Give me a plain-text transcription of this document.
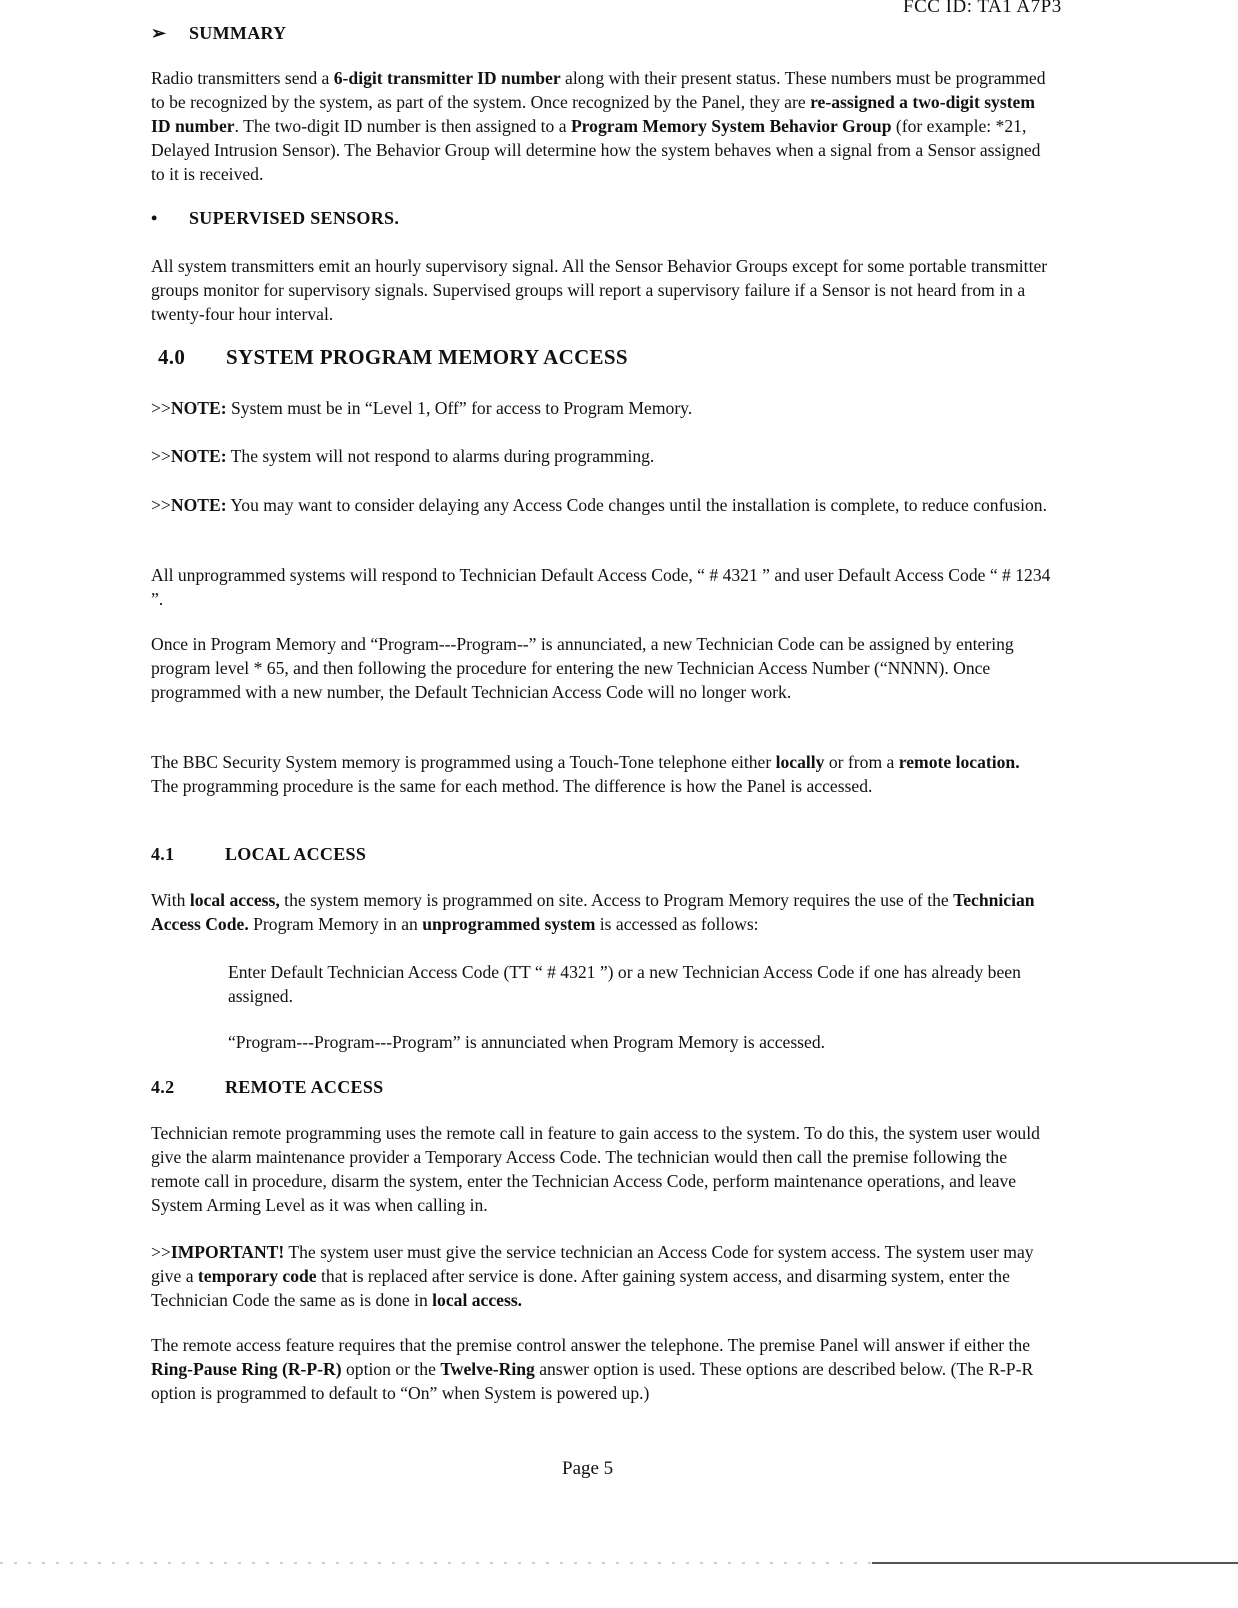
FCC ID: TA1 A7P3
➢ SUMMARY

Radio transmitters send a 6-digit transmitter ID number along with their present status. These numbers must be programmed to be recognized by the system, as part of the system. Once recognized by the Panel, they are re-assigned a two-digit system ID number. The two-digit ID number is then assigned to a Program Memory System Behavior Group (for example: *21, Delayed Intrusion Sensor). The Behavior Group will determine how the system behaves when a signal from a Sensor assigned to it is received.

• SUPERVISED SENSORS.

All system transmitters emit an hourly supervisory signal. All the Sensor Behavior Groups except for some portable transmitter groups monitor for supervisory signals. Supervised groups will report a supervisory failure if a Sensor is not heard from in a twenty-four hour interval.

4.0 SYSTEM PROGRAM MEMORY ACCESS

>>NOTE: System must be in “Level 1, Off” for access to Program Memory.

>>NOTE: The system will not respond to alarms during programming.

>>NOTE: You may want to consider delaying any Access Code changes until the installation is complete, to reduce confusion.

All unprogrammed systems will respond to Technician Default Access Code, “ # 4321 ” and user Default Access Code “ # 1234 ”.

Once in Program Memory and “Program---Program--” is annunciated, a new Technician Code can be assigned by entering program level * 65, and then following the procedure for entering the new Technician Access Number (“NNNN). Once programmed with a new number, the Default Technician Access Code will no longer work.

The BBC Security System memory is programmed using a Touch-Tone telephone either locally or from a remote location. The programming procedure is the same for each method. The difference is how the Panel is accessed.

4.1	LOCAL ACCESS

With local access, the system memory is programmed on site. Access to Program Memory requires the use of the Technician Access Code. Program Memory in an unprogrammed system is accessed as follows:

Enter Default Technician Access Code (TT “ # 4321 ”) or a new Technician Access Code if one has already been assigned.

“Program---Program---Program” is annunciated when Program Memory is accessed.

4.2	REMOTE ACCESS

Technician remote programming uses the remote call in feature to gain access to the system. To do this, the system user would give the alarm maintenance provider a Temporary Access Code. The technician would then call the premise following the remote call in procedure, disarm the system, enter the Technician Access Code, perform maintenance operations, and leave System Arming Level as it was when calling in.

>>IMPORTANT! The system user must give the service technician an Access Code for system access. The system user may give a temporary code that is replaced after service is done. After gaining system access, and disarming system, enter the Technician Code the same as is done in local access.

The remote access feature requires that the premise control answer the telephone. The premise Panel will answer if either the Ring-Pause Ring (R-P-R) option or the Twelve-Ring answer option is used. These options are described below. (The R-P-R option is programmed to default to “On” when System is powered up.)

Page 5
